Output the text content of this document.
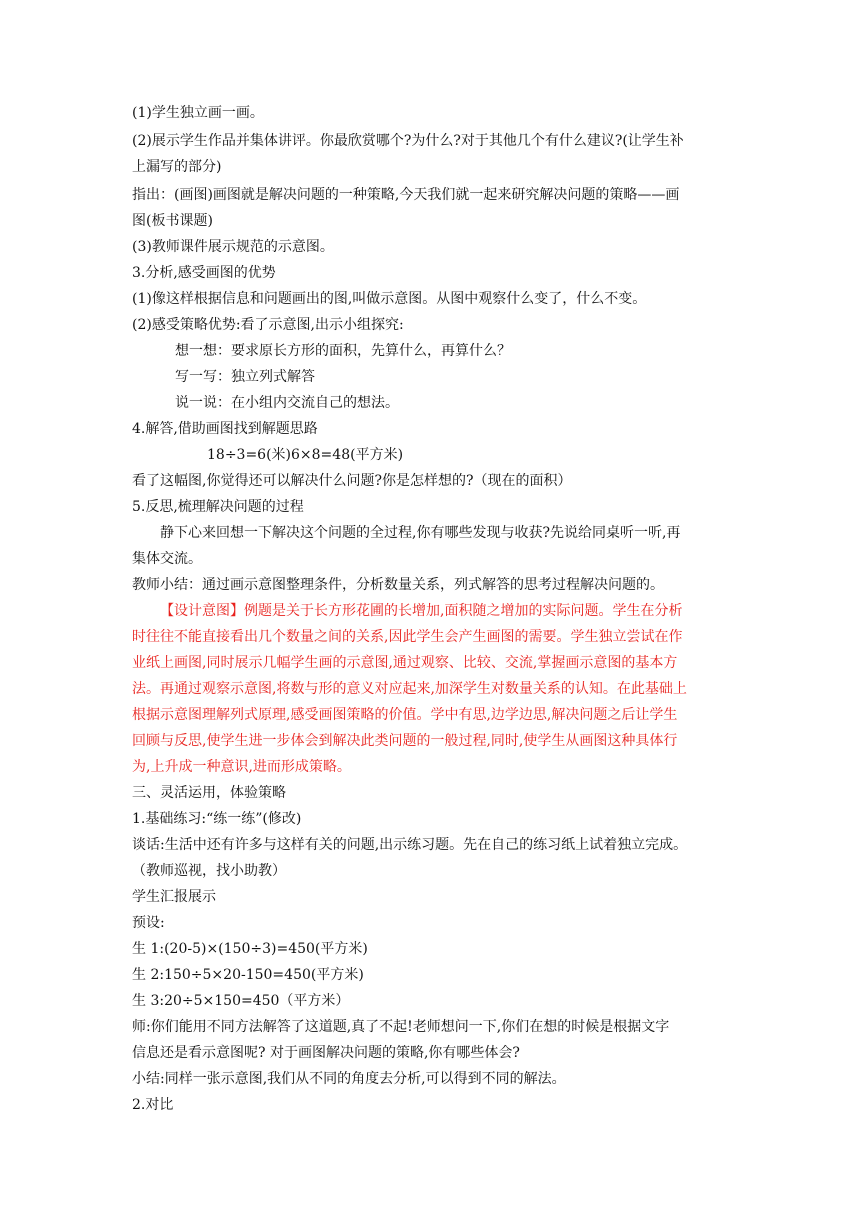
(1)学生独立画一画。
(2)展示学生作品并集体讲评。你最欣赏哪个?为什么?对于其他几个有什么建议?(让学生补
上漏写的部分)
指出：(画图)画图就是解决问题的一种策略,今天我们就一起来研究解决问题的策略——画
图(板书课题)
(3)教师课件展示规范的示意图。
3.分析,感受画图的优势
(1)像这样根据信息和问题画出的图,叫做示意图。从图中观察什么变了，什么不变。
(2)感受策略优势:看了示意图,出示小组探究:
想一想：要求原长方形的面积，先算什么，再算什么？
写一写：独立列式解答
说一说：在小组内交流自己的想法。
4.解答,借助画图找到解题思路
18÷3=6(米)6×8=48(平方米)
看了这幅图,你觉得还可以解决什么问题?你是怎样想的?（现在的面积）
5.反思,梳理解决问题的过程
静下心来回想一下解决这个问题的全过程,你有哪些发现与收获?先说给同桌听一听,再
集体交流。
教师小结：通过画示意图整理条件，分析数量关系，列式解答的思考过程解决问题的。
【设计意图】例题是关于长方形花圃的长增加,面积随之增加的实际问题。学生在分析
时往往不能直接看出几个数量之间的关系,因此学生会产生画图的需要。学生独立尝试在作
业纸上画图,同时展示几幅学生画的示意图,通过观察、比较、交流,掌握画示意图的基本方
法。再通过观察示意图,将数与形的意义对应起来,加深学生对数量关系的认知。在此基础上
根据示意图理解列式原理,感受画图策略的价值。学中有思,边学边思,解决问题之后让学生
回顾与反思,使学生进一步体会到解决此类问题的一般过程,同时,使学生从画图这种具体行
为,上升成一种意识,进而形成策略。
三、灵活运用，体验策略
1.基础练习:“练一练”(修改)
谈话:生活中还有许多与这样有关的问题,出示练习题。先在自己的练习纸上试着独立完成。
（教师巡视，找小助教）
学生汇报展示
预设:
生 1:(20-5)×(150÷3)=450(平方米)
生 2:150÷5×20-150=450(平方米)
生 3:20÷5×150=450（平方米）
师:你们能用不同方法解答了这道题,真了不起!老师想问一下,你们在想的时候是根据文字
信息还是看示意图呢? 对于画图解决问题的策略,你有哪些体会?
小结:同样一张示意图,我们从不同的角度去分析,可以得到不同的解法。
2.对比
